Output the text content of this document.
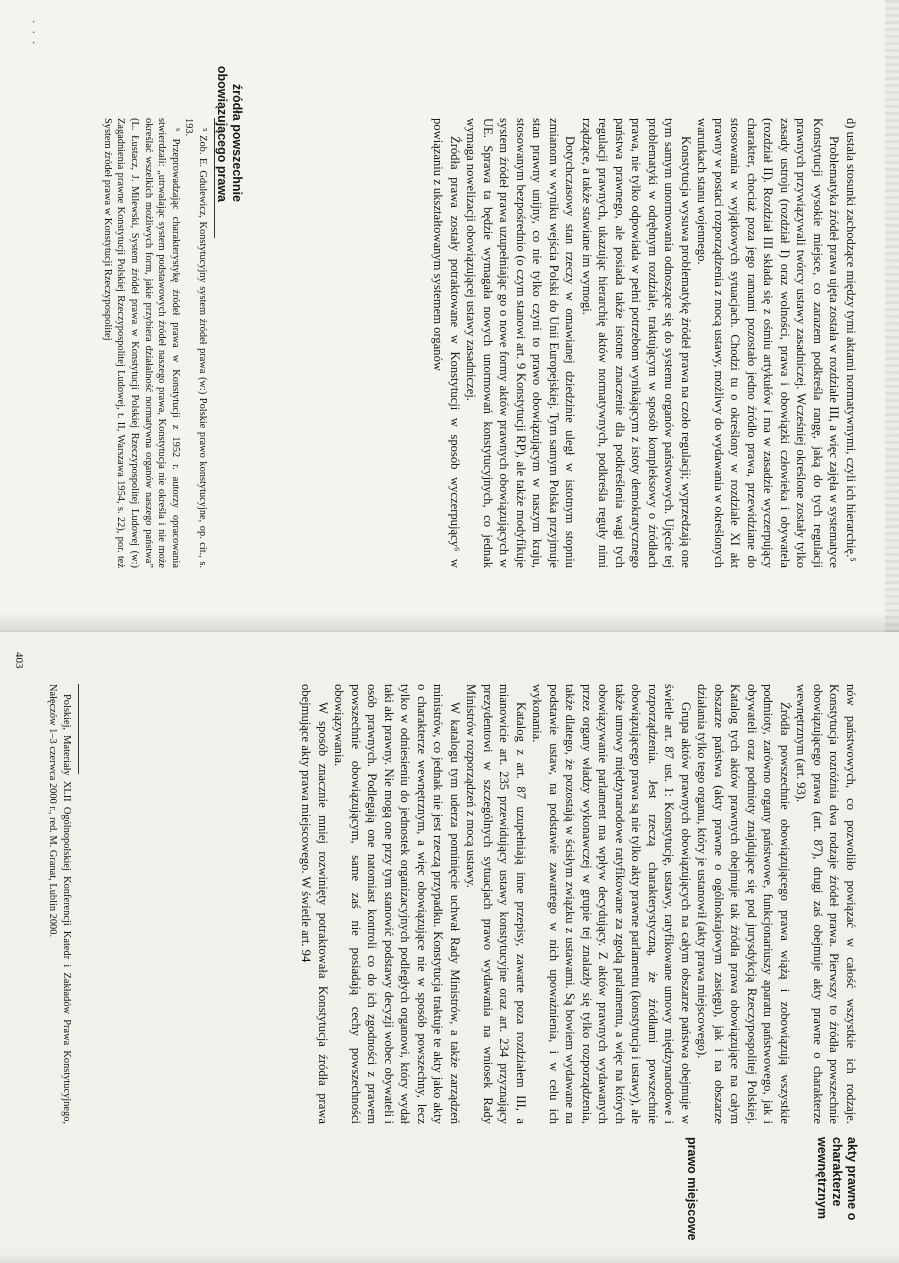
źródła powszechnie obowiązującego prawa	d) ustala stosunki zachodzące między tymi aktami normatywnymi, czyli ich hierarchię.⁵

Problematyka źródeł prawa ujęta została w rozdziale III, a więc zajęła w systematyce Konstytucji wysokie miejsce, co zarazem podkreśla rangę, jaką do tych regulacji prawnych przywiązywali twórcy ustawy zasadniczej. Wcześniej określone zostały tylko zasady ustroju (rozdział I) oraz wolności, prawa i obowiązki człowieka i obywatela (rozdział II). Rozdział III składa się z ośmiu artykułów i ma w zasadzie wyczerpujący charakter, chociaż poza jego ramami pozostało jedno źródło prawa, przewidziane do stosowania w wyjątkowych sytuacjach. Chodzi tu o określony w rozdziale XI akt prawny w postaci rozporządzenia z mocą ustawy, możliwy do wydawania w określonych warunkach stanu wojennego.

Konstytucja wysuwa problematykę źródeł prawa na czoło regulacji; wyprzedzają one tym samym unormowania odnoszące się do systemu organów państwowych. Ujęcie tej problematyki w odrębnym rozdziale, traktującym w sposób kompleksowy o źródłach prawa, nie tylko odpowiada w pełni potrzebom wynikającym z istoty demokratycznego państwa prawnego, ale posiada także istotne znaczenie dla podkreślenia wagi tych regulacji prawnych, ukazując hierarchię aktów normatywnych, podkreśla reguły nimi rządzące, a także stawiane im wymogi.

Dotychczasowy stan rzeczy w omawianej dziedzinie uległ w istotnym stopniu zmianom w wyniku wejścia Polski do Unii Europejskiej. Tym samym Polska przyjmuje stan prawny unijny, co nie tylko czyni to prawo obowiązującym w naszym kraju, stosowanym bezpośrednio (o czym stanowi art. 9 Konstytucji RP), ale także modyfikuje system źródeł prawa uzupełniając go o nowe formy aktów prawnych obowiązujących w UE. Sprawa ta będzie wymagała nowych unormowań konstytucyjnych, co jednak wymaga nowelizacji obowiązującej ustawy zasadniczej.

Źródła prawa zostały potraktowane w Konstytucji w sposób wyczerpujący⁶ w powiązaniu z ukształtowanym systemem organów

⁵ Zob. E. Gdulewicz, Konstytucyjny system źródeł prawa (w:) Polskie prawo konstytucyjne, op. cit., s. 193.

⁶ Przeprowadzając charakterystykę źródeł prawa w Konstytucji z 1952 r. autorzy opracowania stwierdzali: „utrwalając system podstawowych źródeł naszego prawa, Konstytucja nie określa i nie może określać wszelkich możliwych form, jakie przybiera działalność normatywna organów naszego państwa” (L. Łustacz, J. Milewski, System źródeł prawa w Konstytucji Polskiej Rzeczypospolitej Ludowej (w:) Zagadnienia prawne Konstytucji Polskiej Rzeczypospolitej Ludowej, t. II, Warszawa 1954, s. 22), por. też System źródeł prawa w Konstytucji Rzeczypospolitej

· · ·

nów państwowych, co pozwoliło powiązać w całość wszystkie ich rodzaje. Konstytucja rozróżnia dwa rodzaje źródeł prawa. Pierwszy to źródła powszechnie obowiązującego prawa (art. 87), drugi zaś obejmuje akty prawne o charakterze wewnętrznym (art. 93).

Źródła powszechnie obowiązującego prawa wiążą i zobowiązują wszystkie podmioty, zarówno organy państwowe, funkcjonariuszy aparatu państwowego, jak i obywateli oraz podmioty znajdujące się pod jurysdykcją Rzeczypospolitej Polskiej. Katalog tych aktów prawnych obejmuje tak źródła prawa obowiązujące na całym obszarze państwa (akty prawne o ogólnokrajowym zasięgu), jak i na obszarze działania tylko tego organu, który je ustanowił (akty prawa miejscowego).

Grupa aktów prawnych obowiązujących na całym obszarze państwa obejmuje w świetle art. 87 ust. 1: Konstytucję, ustawy, ratyfikowane umowy międzynarodowe i rozporządzenia. Jest rzeczą charakterystyczną, że źródłami powszechnie obowiązującego prawa są nie tylko akty prawne parlamentu (konstytucja i ustawy), ale także umowy międzynarodowe ratyfikowane za zgodą parlamentu, a więc na których obowiązywanie parlament ma wpływ decydujący. Z aktów prawnych wydawanych przez organy władzy wykonawczej w grupie tej znalazły się tylko rozporządzenia, także dlatego, że pozostają w ścisłym związku z ustawami. Są bowiem wydawane na podstawie ustaw, na podstawie zawartego w nich upoważnienia, i w celu ich wykonania.

Katalog z art. 87 uzupełniają inne przepisy, zawarte poza rozdziałem III, a mianowicie art. 235 przewidujący ustawy konstytucyjne oraz art. 234 przyznający prezydentowi w szczególnych sytuacjach prawo wydawania na wniosek Rady Ministrów rozporządzeń z mocą ustawy.

W katalogu tym uderza pominięcie uchwał Rady Ministrów, a także zarządzeń ministrów, co jednak nie jest rzeczą przypadku. Konstytucja traktuje te akty jako akty o charakterze wewnętrznym, a więc obowiązujące nie w sposób powszechny, lecz tylko w odniesieniu do jednostek organizacyjnych podległych organowi, który wydał taki akt prawny. Nie mogą one przy tym stanowić podstawy decyzji wobec obywateli i osób prawnych. Podlegają one natomiast kontroli co do ich zgodności z prawem powszechnie obowiązującym, same zaś nie posiadają cechy powszechności obowiązywania.

W sposób znacznie mniej rozwinięty potraktowała Konstytucja źródła prawa obejmujące akty prawa miejscowego. W świetle art. 94

Polskiej, Materiały XLII Ogólnopolskiej Konferencji Katedr i Zakładów Prawa Konstytucyjnego, Nałęczów 1–3 czerwca 2000 r., red. M. Granat, Lublin 2000.

akty prawne o charakterze wewnętrznym
prawo miejscowe
403
